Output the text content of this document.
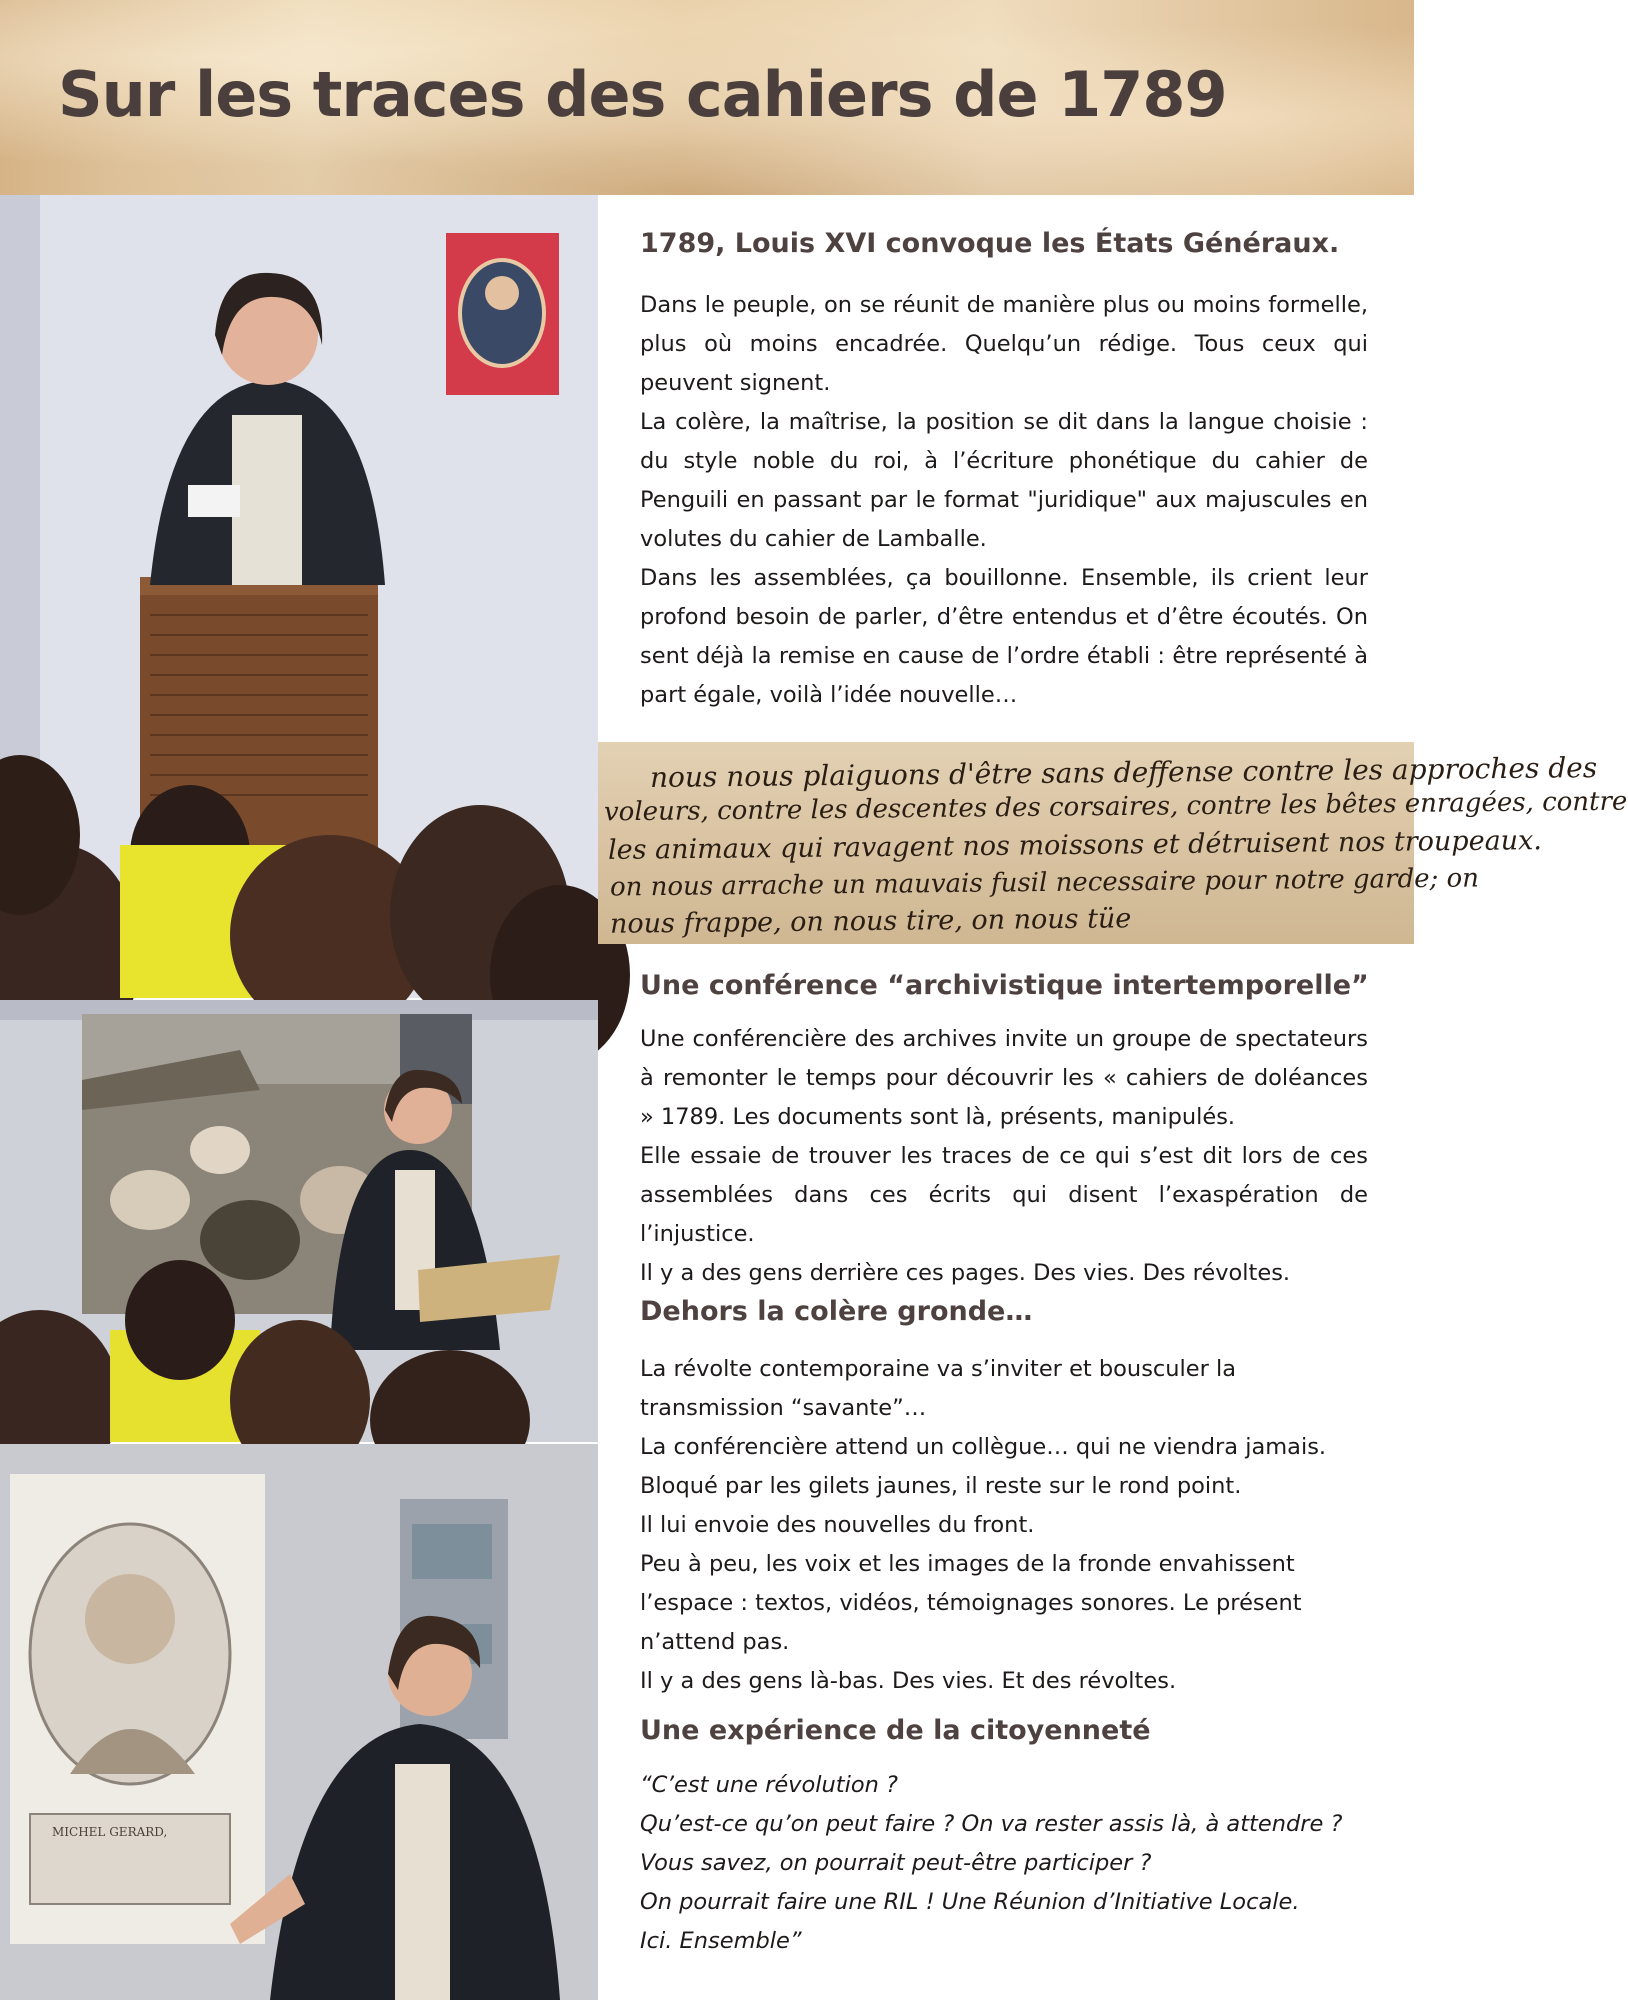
Sur les traces des cahiers de 1789
MICHEL GERARD,
nous nous plaiguons d'être sans deffense contre les approches des
voleurs, contre les descentes des corsaires, contre les bêtes enragées, contre
les animaux qui ravagent nos moissons et détruisent nos troupeaux.
on nous arrache un mauvais fusil necessaire pour notre garde; on
nous frappe, on nous tire, on nous tüe
1789, Louis XVI convoque les États Généraux.
Dans le peuple, on se réunit de manière plus ou moins formelle, plus où moins encadrée. Quelqu’un rédige. Tous ceux qui peuvent signent.
La colère, la maîtrise, la position se dit dans la langue choisie : du style noble du roi, à l’écriture phonétique du cahier de Penguili en passant par le format "juridique" aux majuscules en volutes du cahier de Lamballe.
Dans les assemblées, ça bouillonne. Ensemble, ils crient leur profond besoin de parler, d’être entendus et d’être écoutés. On sent déjà la remise en cause de l’ordre établi : être représenté à part égale, voilà l’idée nouvelle…
Une conférence “archivistique intertemporelle”
Une conférencière des archives invite un groupe de spectateurs à remonter le temps pour découvrir les « cahiers de doléances » 1789. Les documents sont là, présents, manipulés.
Elle essaie de trouver les traces de ce qui s’est dit lors de ces assemblées dans ces écrits qui disent l’exaspération de l’injustice.
Il y a des gens derrière ces pages. Des vies. Des révoltes.
Dehors la colère gronde…
La révolte contemporaine va s’inviter et bousculer la transmission “savante”…
La conférencière attend un collègue… qui ne viendra jamais.
Bloqué par les gilets jaunes, il reste sur le rond point.
Il lui envoie des nouvelles du front.
Peu à peu, les voix et les images de la fronde envahissent l’espace : textos, vidéos, témoignages sonores. Le présent n’attend pas.
Il y a des gens là-bas. Des vies. Et des révoltes.
Une expérience de la citoyenneté
“C’est une révolution ?
Qu’est-ce qu’on peut faire ? On va rester assis là, à attendre ?
Vous savez, on pourrait peut-être participer ?
On pourrait faire une RIL ! Une Réunion d’Initiative Locale.
Ici. Ensemble”
